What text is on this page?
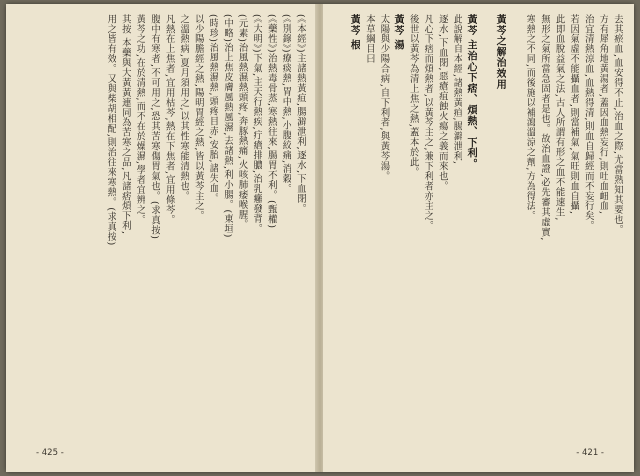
(《本經》)主諸熱黃疸,腸澼泄利,逐水,下血閉。
(《別錄》)療痰熱,胃中熱,小腹絞痛,消穀。
(《藥性》)治熱毒骨蒸,寒熱往來,腸胃不利。(甄權)
(《大明》)下氣,主天行熱疾,疔瘡排膿,治乳癰發背。
(元素)治風熱濕熱頭疼,奔豚熱痛,火咳肺痿喉腥。
(中略)治上焦皮膚風熱風濕,去諸熱,利小腸。(東垣)
(時珍)治風熱濕熱,頭疼目赤,安胎,諸失血。
以少陽膽經之熱,陽明胃經之熱,皆以黃芩主之。
之溫熱病,夏月須用之,以其性寒能清熱也。
凡熱在上焦者,宜用枯芩,熱在下焦者,宜用條芩。
腹中有寒者,不可用之,恐其苦寒傷胃氣也。(求真按)
黃芩之功,在於清熱,而不在於燥濕,學者宜辨之。
其按 本藥與大黃黃連同為苦寒之品,凡諸痞煩下利,
用之皆有效。又與柴胡相配,則治往來寒熱。(求真按)
- 425 -
去其瘀血,血安得不止,治血之際,尤當熟知其要也。
方有犀角地黃湯者,蓋因血熱妄行,則吐血衄血,
治宜清熱涼血,血熱得清,則血自歸經而不妄行矣。
若因氣虛不能攝血者,則當補氣,氣旺則血自攝,
此即血脫益氣之法,古人所謂有形之血不能速生,
無形之氣所當急固者是也。故治血證,必先審其虛實,
寒熱之不同,而後施以補瀉溫涼之劑,方為得法。
黃芩之解治效用
黃芩 主治心下痞、煩熱、下利。
此說解自本經,諸熱黃疸,腸澼泄利,
逐水,下血閉,惡瘡疽蝕火瘍之義而來也。
凡心下痞而煩熱者,以黃芩主之,兼下利者亦主之。
後世以黃芩為清上焦之熱,蓋本於此。
黃芩 湯
太陽與少陽合病,自下利者,與黃芩湯。
本草綱目曰
黃芩 根
- 421 -
